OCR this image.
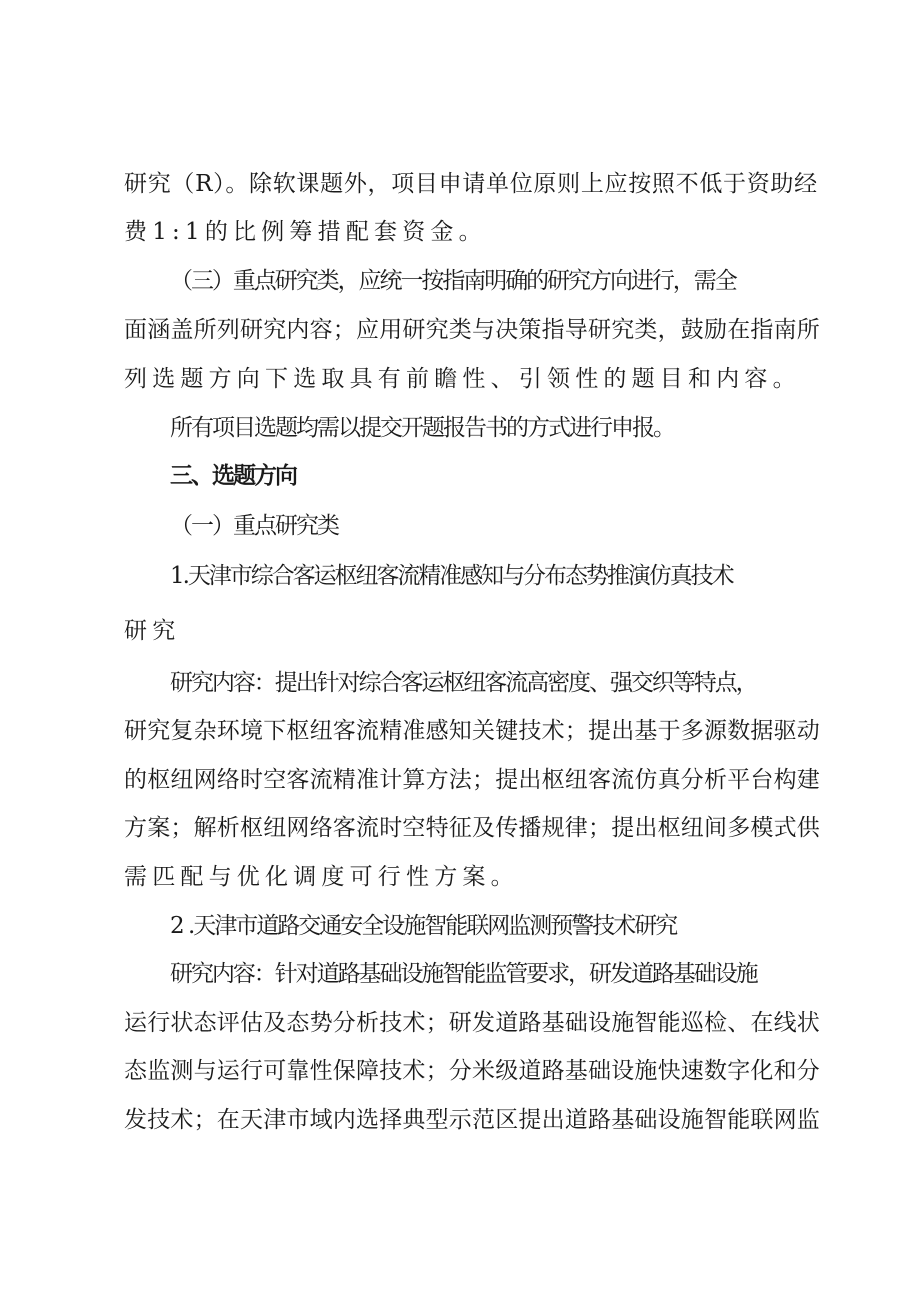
研究（R）。除软课题外，项目申请单位原则上应按照不低于资助经
费1:1的比例筹措配套资金。
（三）重点研究类，应统一按指南明确的研究方向进行，需全
面涵盖所列研究内容；应用研究类与决策指导研究类，鼓励在指南所
列选题方向下选取具有前瞻性、引领性的题目和内容。
所有项目选题均需以提交开题报告书的方式进行申报。
三、选题方向
（一）重点研究类
1.天津市综合客运枢纽客流精准感知与分布态势推演仿真技术
研究
研究内容：提出针对综合客运枢纽客流高密度、强交织等特点，
研究复杂环境下枢纽客流精准感知关键技术；提出基于多源数据驱动
的枢纽网络时空客流精准计算方法；提出枢纽客流仿真分析平台构建
方案；解析枢纽网络客流时空特征及传播规律；提出枢纽间多模式供
需匹配与优化调度可行性方案。
2 .天津市道路交通安全设施智能联网监测预警技术研究
研究内容：针对道路基础设施智能监管要求，研发道路基础设施
运行状态评估及态势分析技术；研发道路基础设施智能巡检、在线状
态监测与运行可靠性保障技术；分米级道路基础设施快速数字化和分
发技术；在天津市域内选择典型示范区提出道路基础设施智能联网监
